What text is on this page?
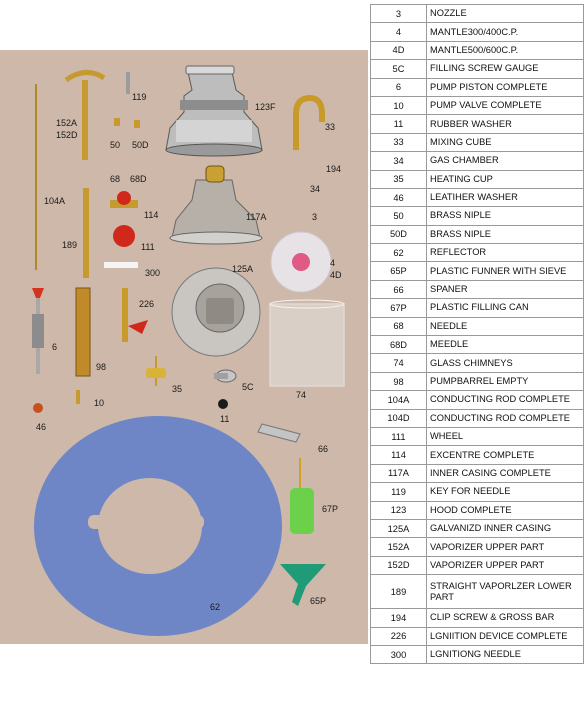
119
123F
33
152A
152D
50 50D
194
68 68D
34
104A
114	117A	3
189	111
4
4D
300	125A
226
6
98
35	5C
74
10
11
46
66
67P
62
65P
3	NOZZLE
4	MANTLE300/400C.P.
4D	MANTLE500/600C.P.
5C	FILLING SCREW GAUGE
6	PUMP PISTON COMPLETE
10	PUMP VALVE COMPLETE
11	RUBBER WASHER
33	MIXING CUBE
34	GAS CHAMBER
35	HEATING CUP
46	LEATIHER WASHER
50	BRASS NIPLE
50D	BRASS NIPLE
62	REFLECTOR
65P	PLASTIC FUNNER WITH SIEVE
66	SPANER
67P	PLASTIC FILLING CAN
68	NEEDLE
68D	MEEDLE
74	GLASS CHIMNEYS
98	PUMPBARREL EMPTY
104A	CONDUCTING ROD COMPLETE
104D	CONDUCTING ROD COMPLETE
111	WHEEL
114	EXCENTRE COMPLETE
117A	INNER CASING COMPLETE
119	KEY FOR NEEDLE
123	HOOD COMPLETE
125A	GALVANIZD INNER CASING
152A	VAPORIZER UPPER PART
152D	VAPORIZER UPPER PART
189	STRAIGHT VAPORLZER LOWER PART
194	CLIP SCREW & GROSS BAR
226	LGNIITION DEVICE COMPLETE
300	LGNITIONG NEEDLE
